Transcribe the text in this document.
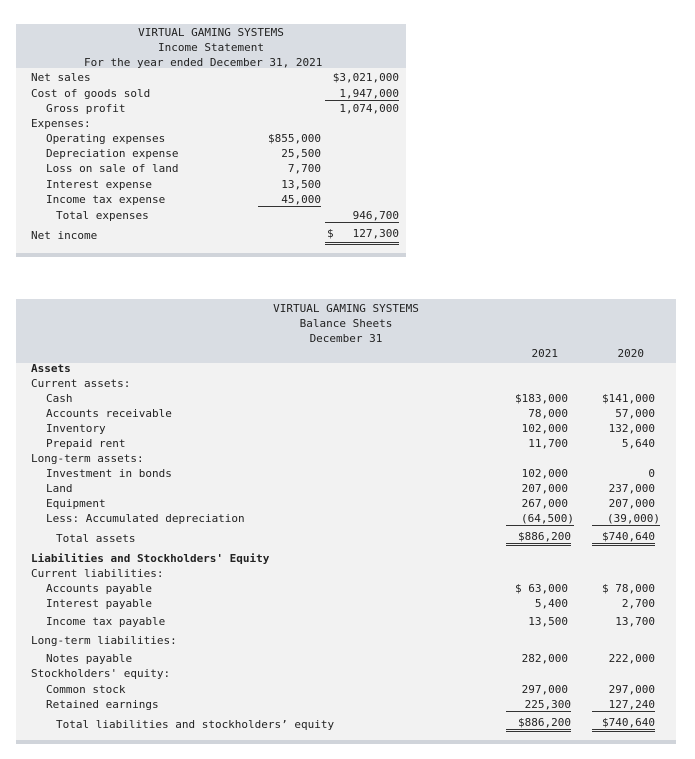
VIRTUAL GAMING SYSTEMS
Income Statement
For the year ended December 31, 2021
Net sales	$3,021,000
Cost of goods sold	1,947,000
Gross profit	1,074,000
Expenses:
Operating expenses	$855,000
Depreciation expense	25,500
Loss on sale of land	7,700
Interest expense	13,500
Income tax expense	45,000
Total expenses	946,700
Net income	$	127,300
VIRTUAL GAMING SYSTEMS
Balance Sheets
December 31
2021	2020
Assets
Current assets:
Cash	$183,000	$141,000
Accounts receivable	78,000	57,000
Inventory	102,000	132,000
Prepaid rent	11,700	5,640
Long-term assets:
Investment in bonds	102,000	0
Land	207,000	237,000
Equipment	267,000	207,000
Less: Accumulated depreciation	(64,500)	(39,000)
Total assets	$886,200	$740,640
Liabilities and Stockholders' Equity
Current liabilities:
Accounts payable	$ 63,000	$ 78,000
Interest payable	5,400	2,700
Income tax payable	13,500	13,700
Long-term liabilities:
Notes payable	282,000	222,000
Stockholders' equity:
Common stock	297,000	297,000
Retained earnings	225,300	127,240
Total liabilities and stockholders’ equity	$886,200	$740,640
